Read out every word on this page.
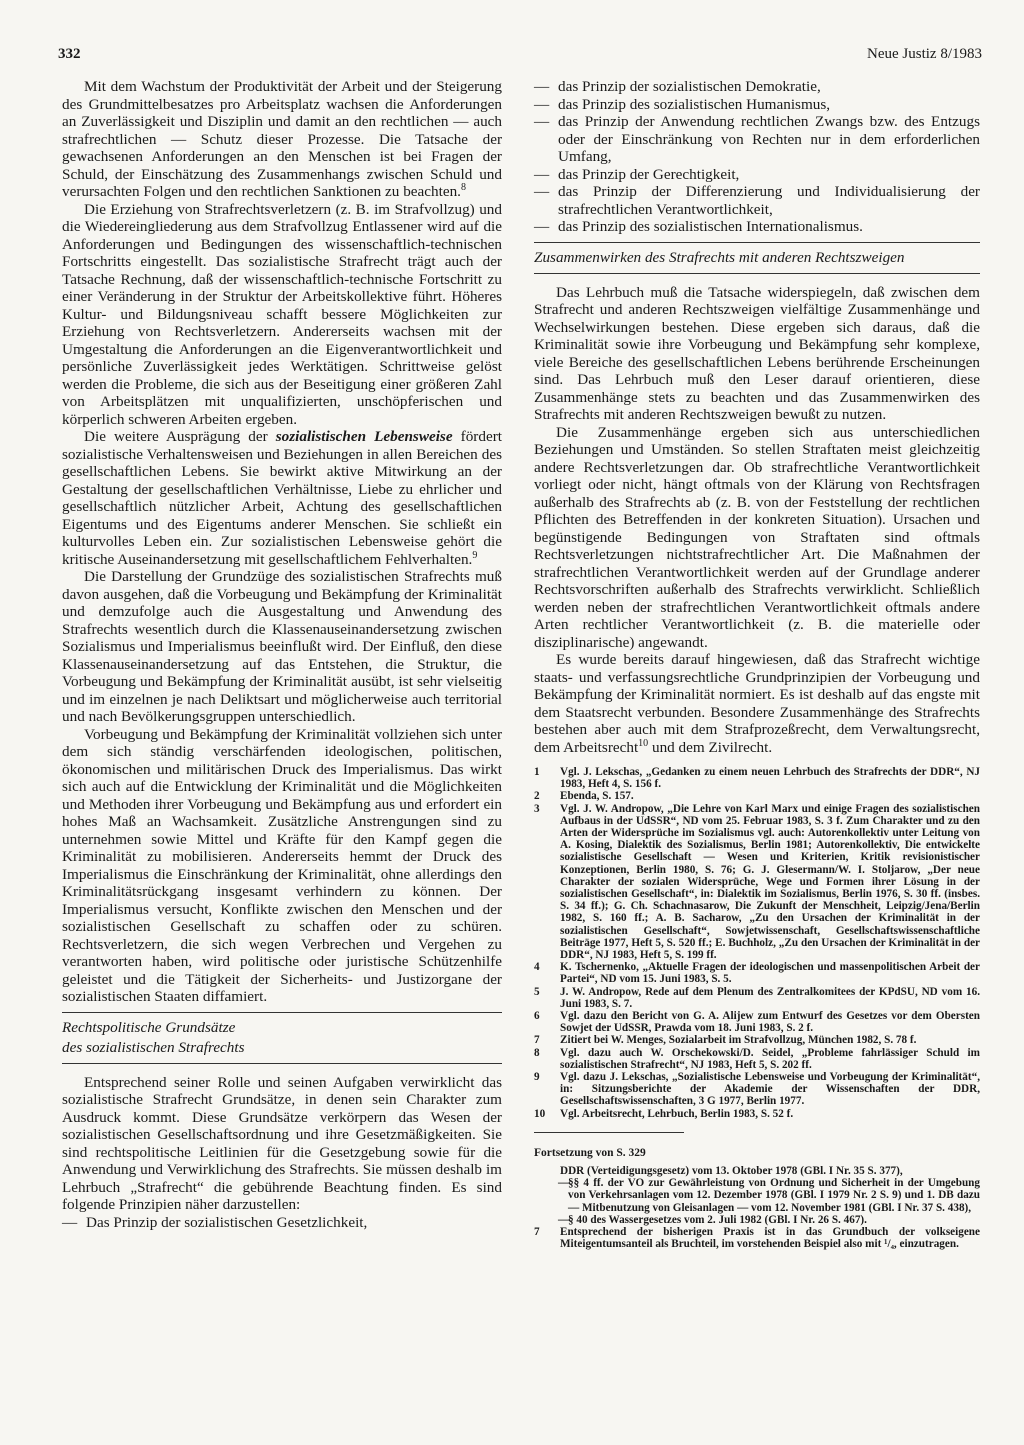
332	Neue Justiz 8/1983

Mit dem Wachstum der Produktivität der Arbeit und der Steigerung des Grundmittelbesatzes pro Arbeitsplatz wachsen die Anforderungen an Zuverlässigkeit und Disziplin und damit an den rechtlichen — auch strafrechtlichen — Schutz dieser Prozesse. Die Tatsache der gewachsenen Anforderungen an den Menschen ist bei Fragen der Schuld, der Einschätzung des Zusammenhangs zwischen Schuld und verursachten Folgen und den rechtlichen Sanktionen zu beachten.$^8$

Die Erziehung von Strafrechtsverletzern (z. B. im Strafvollzug) und die Wiedereingliederung aus dem Strafvollzug Entlassener wird auf die Anforderungen und Bedingungen des wissenschaftlich-technischen Fortschritts eingestellt. Das sozialistische Strafrecht trägt auch der Tatsache Rechnung, daß der wissenschaftlich-technische Fortschritt zu einer Veränderung in der Struktur der Arbeitskollektive führt. Höheres Kultur- und Bildungsniveau schafft bessere Möglichkeiten zur Erziehung von Rechtsverletzern. Andererseits wachsen mit der Umgestaltung die Anforderungen an die Eigenverantwortlichkeit und persönliche Zuverlässigkeit jedes Werktätigen. Schrittweise gelöst werden die Probleme, die sich aus der Beseitigung einer größeren Zahl von Arbeitsplätzen mit unqualifizierten, unschöpferischen und körperlich schweren Arbeiten ergeben.

Die weitere Ausprägung der sozialistischen Lebensweise fördert sozialistische Verhaltensweisen und Beziehungen in allen Bereichen des gesellschaftlichen Lebens. Sie bewirkt aktive Mitwirkung an der Gestaltung der gesellschaftlichen Verhältnisse, Liebe zu ehrlicher und gesellschaftlich nützlicher Arbeit, Achtung des gesellschaftlichen Eigentums und des Eigentums anderer Menschen. Sie schließt ein kulturvolles Leben ein. Zur sozialistischen Lebensweise gehört die kritische Auseinandersetzung mit gesellschaftlichem Fehlverhalten.$^9$

Die Darstellung der Grundzüge des sozialistischen Strafrechts muß davon ausgehen, daß die Vorbeugung und Bekämpfung der Kriminalität und demzufolge auch die Ausgestaltung und Anwendung des Strafrechts wesentlich durch die Klassenauseinandersetzung zwischen Sozialismus und Imperialismus beeinflußt wird. Der Einfluß, den diese Klassenauseinandersetzung auf das Entstehen, die Struktur, die Vorbeugung und Bekämpfung der Kriminalität ausübt, ist sehr vielseitig und im einzelnen je nach Deliktsart und möglicherweise auch territorial und nach Bevölkerungsgruppen unterschiedlich.

Vorbeugung und Bekämpfung der Kriminalität vollziehen sich unter dem sich ständig verschärfenden ideologischen, politischen, ökonomischen und militärischen Druck des Imperialismus. Das wirkt sich auch auf die Entwicklung der Kriminalität und die Möglichkeiten und Methoden ihrer Vorbeugung und Bekämpfung aus und erfordert ein hohes Maß an Wachsamkeit. Zusätzliche Anstrengungen sind zu unternehmen sowie Mittel und Kräfte für den Kampf gegen die Kriminalität zu mobilisieren. Andererseits hemmt der Druck des Imperialismus die Einschränkung der Kriminalität, ohne allerdings den Kriminalitätsrückgang insgesamt verhindern zu können. Der Imperialismus versucht, Konflikte zwischen den Menschen und der sozialistischen Gesellschaft zu schaffen oder zu schüren. Rechtsverletzern, die sich wegen Verbrechen und Vergehen zu verantworten haben, wird politische oder juristische Schützenhilfe geleistet und die Tätigkeit der Sicherheits- und Justizorgane der sozialistischen Staaten diffamiert.

Rechtspolitische Grundsätze
des sozialistischen Strafrechts

Entsprechend seiner Rolle und seinen Aufgaben verwirklicht das sozialistische Strafrecht Grundsätze, in denen sein Charakter zum Ausdruck kommt. Diese Grundsätze verkörpern das Wesen der sozialistischen Gesellschaftsordnung und ihre Gesetzmäßigkeiten. Sie sind rechtspolitische Leitlinien für die Gesetzgebung sowie für die Anwendung und Verwirklichung des Strafrechts. Sie müssen deshalb im Lehrbuch „Strafrecht“ die gebührende Beachtung finden. Es sind folgende Prinzipien näher darzustellen:

— Das Prinzip der sozialistischen Gesetzlichkeit,
— das Prinzip der sozialistischen Demokratie,
— das Prinzip des sozialistischen Humanismus,
— das Prinzip der Anwendung rechtlichen Zwangs bzw. des Entzugs oder der Einschränkung von Rechten nur in dem erforderlichen Umfang,
— das Prinzip der Gerechtigkeit,
— das Prinzip der Differenzierung und Individualisierung der strafrechtlichen Verantwortlichkeit,
— das Prinzip des sozialistischen Internationalismus.
Zusammenwirken des Strafrechts mit anderen Rechtszweigen

Das Lehrbuch muß die Tatsache widerspiegeln, daß zwischen dem Strafrecht und anderen Rechtszweigen vielfältige Zusammenhänge und Wechselwirkungen bestehen. Diese ergeben sich daraus, daß die Kriminalität sowie ihre Vorbeugung und Bekämpfung sehr komplexe, viele Bereiche des gesellschaftlichen Lebens berührende Erscheinungen sind. Das Lehrbuch muß den Leser darauf orientieren, diese Zusammenhänge stets zu beachten und das Zusammenwirken des Strafrechts mit anderen Rechtszweigen bewußt zu nutzen.

Die Zusammenhänge ergeben sich aus unterschiedlichen Beziehungen und Umständen. So stellen Straftaten meist gleichzeitig andere Rechtsverletzungen dar. Ob strafrechtliche Verantwortlichkeit vorliegt oder nicht, hängt oftmals von der Klärung von Rechtsfragen außerhalb des Strafrechts ab (z. B. von der Feststellung der rechtlichen Pflichten des Betreffenden in der konkreten Situation). Ursachen und begünstigende Bedingungen von Straftaten sind oftmals Rechtsverletzungen nichtstrafrechtlicher Art. Die Maßnahmen der strafrechtlichen Verantwortlichkeit werden auf der Grundlage anderer Rechtsvorschriften außerhalb des Strafrechts verwirklicht. Schließlich werden neben der strafrechtlichen Verantwortlichkeit oftmals andere Arten rechtlicher Verantwortlichkeit (z. B. die materielle oder disziplinarische) angewandt.

Es wurde bereits darauf hingewiesen, daß das Strafrecht wichtige staats- und verfassungsrechtliche Grundprinzipien der Vorbeugung und Bekämpfung der Kriminalität normiert. Es ist deshalb auf das engste mit dem Staatsrecht verbunden. Besondere Zusammenhänge des Strafrechts bestehen aber auch mit dem Strafprozeßrecht, dem Verwaltungsrecht, dem Arbeitsrecht$^{10}$ und dem Zivilrecht.

1	Vgl. J. Lekschas, „Gedanken zu einem neuen Lehrbuch des Strafrechts der DDR“, NJ 1983, Heft 4, S. 156 f.
2	Ebenda, S. 157.
3	Vgl. J. W. Andropow, „Die Lehre von Karl Marx und einige Fragen des sozialistischen Aufbaus in der UdSSR“, ND vom 25. Februar 1983, S. 3 f. Zum Charakter und zu den Arten der Widersprüche im Sozialismus vgl. auch: Autorenkollektiv unter Leitung von A. Kosing, Dialektik des Sozialismus, Berlin 1981; Autorenkollektiv, Die entwickelte sozialistische Gesellschaft — Wesen und Kriterien, Kritik revisionistischer Konzeptionen, Berlin 1980, S. 76; G. J. Glesermann/W. I. Stoljarow, „Der neue Charakter der sozialen Widersprüche, Wege und Formen ihrer Lösung in der sozialistischen Gesellschaft“, in: Dialektik im Sozialismus, Berlin 1976, S. 30 ff. (insbes. S. 34 ff.); G. Ch. Schachnasarow, Die Zukunft der Menschheit, Leipzig/Jena/Berlin 1982, S. 160 ff.; A. B. Sacharow, „Zu den Ursachen der Kriminalität in der sozialistischen Gesellschaft“, Sowjetwissenschaft, Gesellschaftswissenschaftliche Beiträge 1977, Heft 5, S. 520 ff.; E. Buchholz, „Zu den Ursachen der Kriminalität in der DDR“, NJ 1983, Heft 5, S. 199 ff.
4	K. Tschernenko, „Aktuelle Fragen der ideologischen und massenpolitischen Arbeit der Partei“, ND vom 15. Juni 1983, S. 5.
5	J. W. Andropow, Rede auf dem Plenum des Zentralkomitees der KPdSU, ND vom 16. Juni 1983, S. 7.
6	Vgl. dazu den Bericht von G. A. Alijew zum Entwurf des Gesetzes vor dem Obersten Sowjet der UdSSR, Prawda vom 18. Juni 1983, S. 2 f.
7	Zitiert bei W. Menges, Sozialarbeit im Strafvollzug, München 1982, S. 78 f.
8	Vgl. dazu auch W. Orschekowski/D. Seidel, „Probleme fahrlässiger Schuld im sozialistischen Strafrecht“, NJ 1983, Heft 5, S. 202 ff.
9	Vgl. dazu J. Lekschas, „Sozialistische Lebensweise und Vorbeugung der Kriminalität“, in: Sitzungsberichte der Akademie der Wissenschaften der DDR, Gesellschaftswissenschaften, 3 G 1977, Berlin 1977.
10	Vgl. Arbeitsrecht, Lehrbuch, Berlin 1983, S. 52 f.
Fortsetzung von S. 329
DDR (Verteidigungsgesetz) vom 13. Oktober 1978 (GBl. I Nr. 35 S. 377),
— §§ 4 ff. der VO zur Gewährleistung von Ordnung und Sicherheit in der Umgebung von Verkehrsanlagen vom 12. Dezember 1978 (GBl. I 1979 Nr. 2 S. 9) und 1. DB dazu — Mitbenutzung von Gleisanlagen — vom 12. November 1981 (GBl. I Nr. 37 S. 438),
— § 40 des Wassergesetzes vom 2. Juli 1982 (GBl. I Nr. 26 S. 467).
7	Entsprechend der bisherigen Praxis ist in das Grundbuch der volkseigene Miteigentumsanteil als Bruchteil, im vorstehenden Beispiel also mit ¹/₄, einzutragen.
